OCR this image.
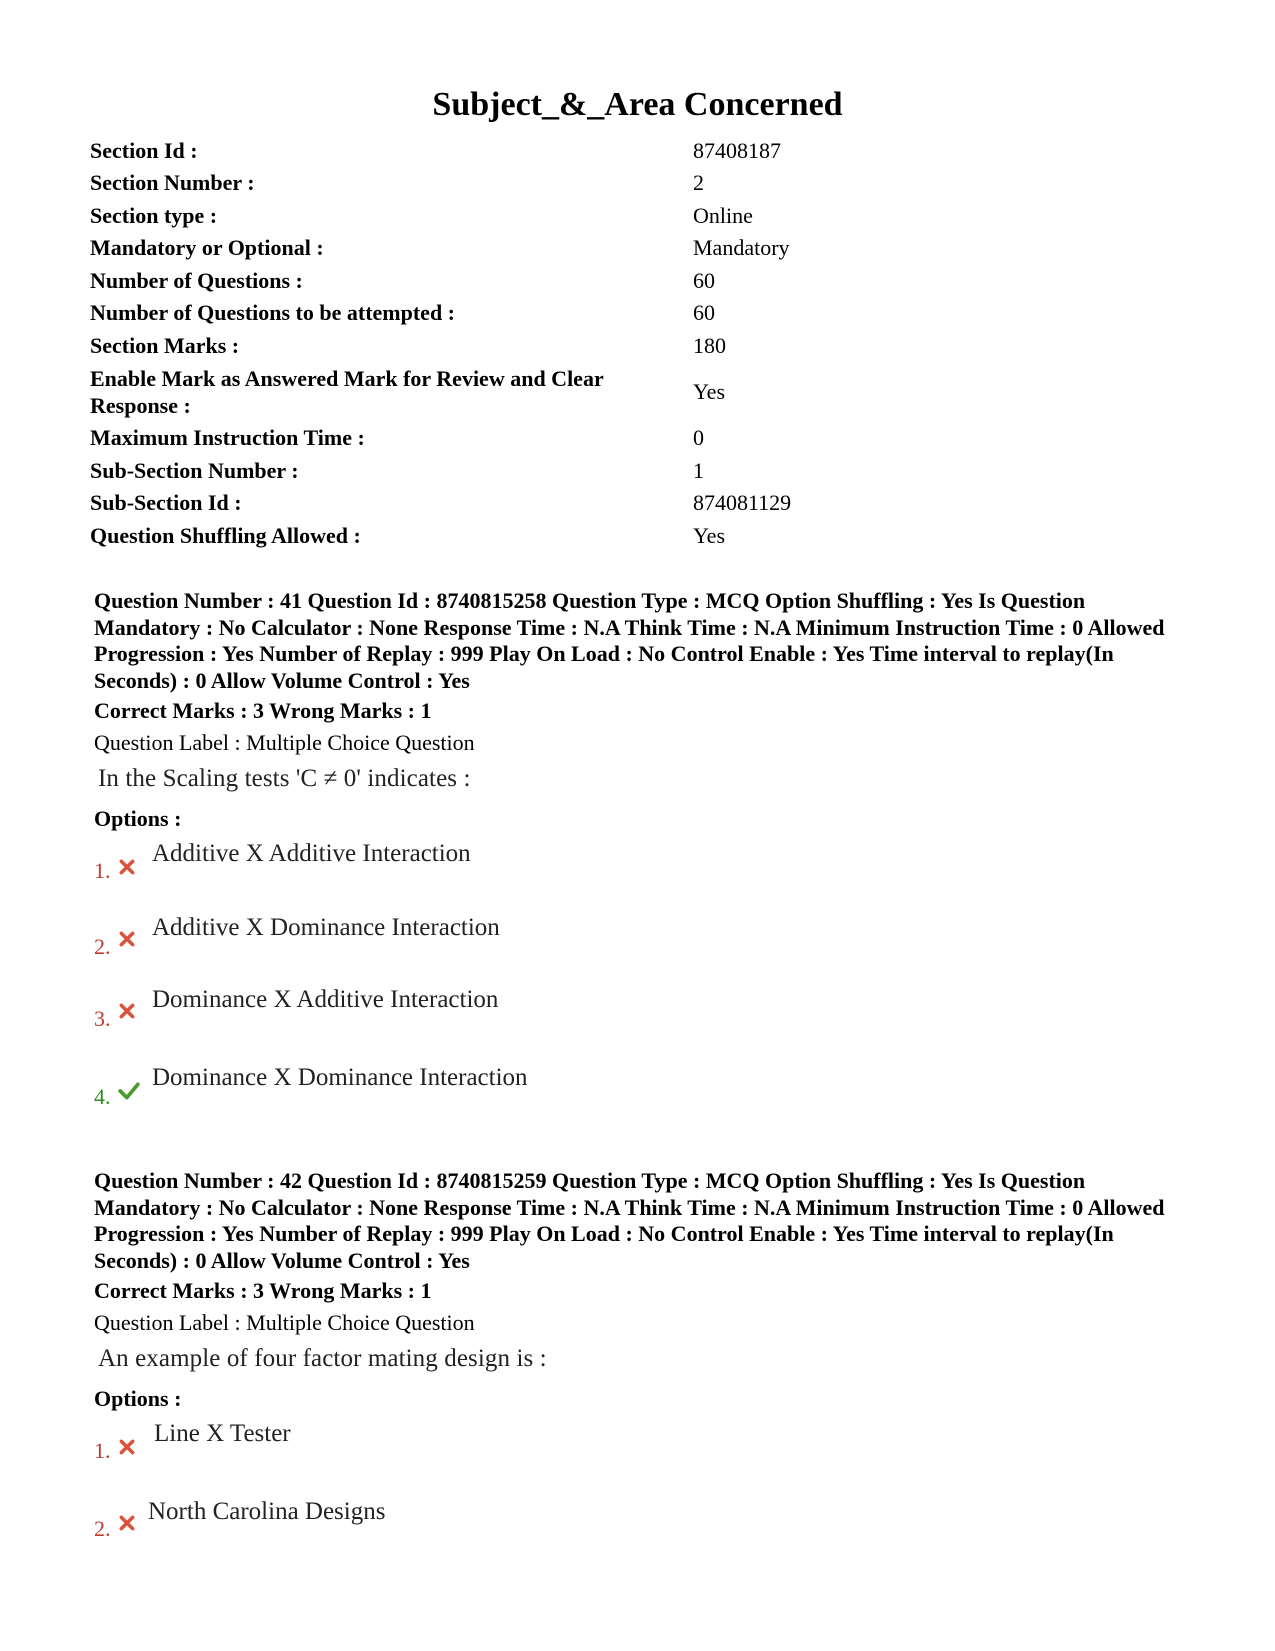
Subject_&_Area Concerned
Section Id :	87408187
Section Number :	2
Section type :	Online
Mandatory or Optional :	Mandatory
Number of Questions :	60
Number of Questions to be attempted :	60
Section Marks :	180
Enable Mark as Answered Mark for Review and Clear Response :
Yes
Maximum Instruction Time :	0
Sub-Section Number :	1
Sub-Section Id :	874081129
Question Shuffling Allowed :	Yes

Question Number : 41 Question Id : 8740815258 Question Type : MCQ Option Shuffling : Yes Is Question Mandatory : No Calculator : None Response Time : N.A Think Time : N.A Minimum Instruction Time : 0 Allowed Progression : Yes Number of Replay : 999 Play On Load : No Control Enable : Yes Time interval to replay(In Seconds) : 0 Allow Volume Control : Yes

Correct Marks : 3 Wrong Marks : 1
Question Label : Multiple Choice Question
In the Scaling tests 'C ≠ 0' indicates :
Options :
1.
Additive X Additive Interaction
2.
Additive X Dominance Interaction
3.
Dominance X Additive Interaction
4.
Dominance X Dominance Interaction

Question Number : 42 Question Id : 8740815259 Question Type : MCQ Option Shuffling : Yes Is Question Mandatory : No Calculator : None Response Time : N.A Think Time : N.A Minimum Instruction Time : 0 Allowed Progression : Yes Number of Replay : 999 Play On Load : No Control Enable : Yes Time interval to replay(In Seconds) : 0 Allow Volume Control : Yes

Correct Marks : 3 Wrong Marks : 1
Question Label : Multiple Choice Question
An example of four factor mating design is :
Options :
1.
Line X Tester
2.
North Carolina Designs
